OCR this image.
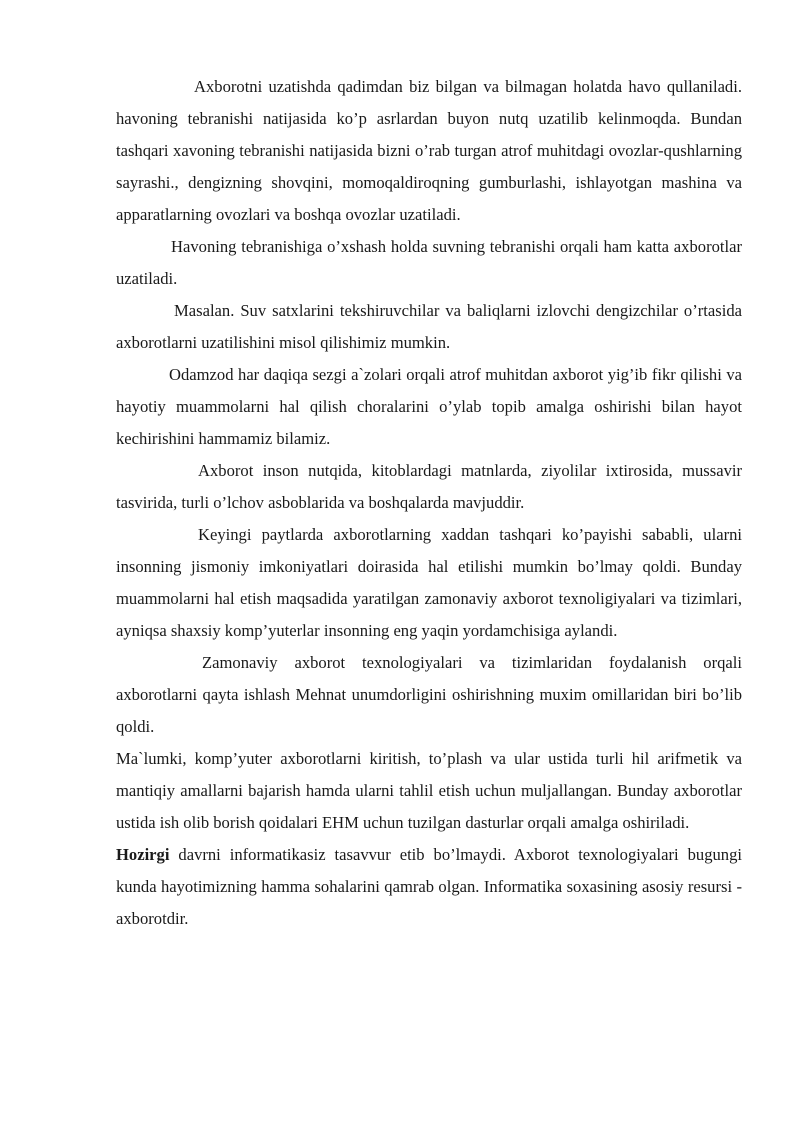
Axborotni uzatishda qadimdan biz bilgan va bilmagan holatda havo qullaniladi. havoning tebranishi natijasida ko’p asrlardan buyon nutq uzatilib kelinmoqda. Bundan tashqari xavoning tebranishi natijasida bizni o’rab turgan atrof muhitdagi ovozlar-qushlarning sayrashi., dengizning shovqini, momoqaldiroqning gumburlashi, ishlayotgan mashina va apparatlarning ovozlari va boshqa ovozlar uzatiladi.

Havoning tebranishiga o’xshash holda suvning tebranishi orqali ham katta axborotlar uzatiladi.

Masalan. Suv satxlarini tekshiruvchilar va baliqlarni izlovchi dengizchilar o’rtasida axborotlarni uzatilishini misol qilishimiz mumkin.

Odamzod har daqiqa sezgi a`zolari orqali atrof muhitdan axborot yig’ib fikr qilishi va hayotiy muammolarni hal qilish choralarini o’ylab topib amalga oshirishi bilan hayot kechirishini hammamiz bilamiz.

Axborot inson nutqida, kitoblardagi matnlarda, ziyolilar ixtirosida, mussavir tasvirida, turli o’lchov asboblarida va boshqalarda mavjuddir.

Keyingi paytlarda axborotlarning xaddan tashqari ko’payishi sababli, ularni insonning jismoniy imkoniyatlari doirasida hal etilishi mumkin bo’lmay qoldi. Bunday muammolarni hal etish maqsadida yaratilgan zamonaviy axborot texnoligiyalari va tizimlari, ayniqsa shaxsiy komp’yuterlar insonning eng yaqin yordamchisiga aylandi.

Zamonaviy axborot texnologiyalari va tizimlaridan foydalanish orqali axborotlarni qayta ishlash Mehnat unumdorligini oshirishning muxim omillaridan biri bo’lib qoldi.

Ma`lumki, komp’yuter axborotlarni kiritish, to’plash va ular ustida turli hil arifmetik va mantiqiy amallarni bajarish hamda ularni tahlil etish uchun muljallangan. Bunday axborotlar ustida ish olib borish qoidalari EHM uchun tuzilgan dasturlar orqali amalga oshiriladi.

Hozirgi davrni informatikasiz tasavvur etib bo’lmaydi. Axborot texnologiyalari bugungi kunda hayotimizning hamma sohalarini qamrab olgan. Informatika soxasining asosiy resursi - axborotdir.
